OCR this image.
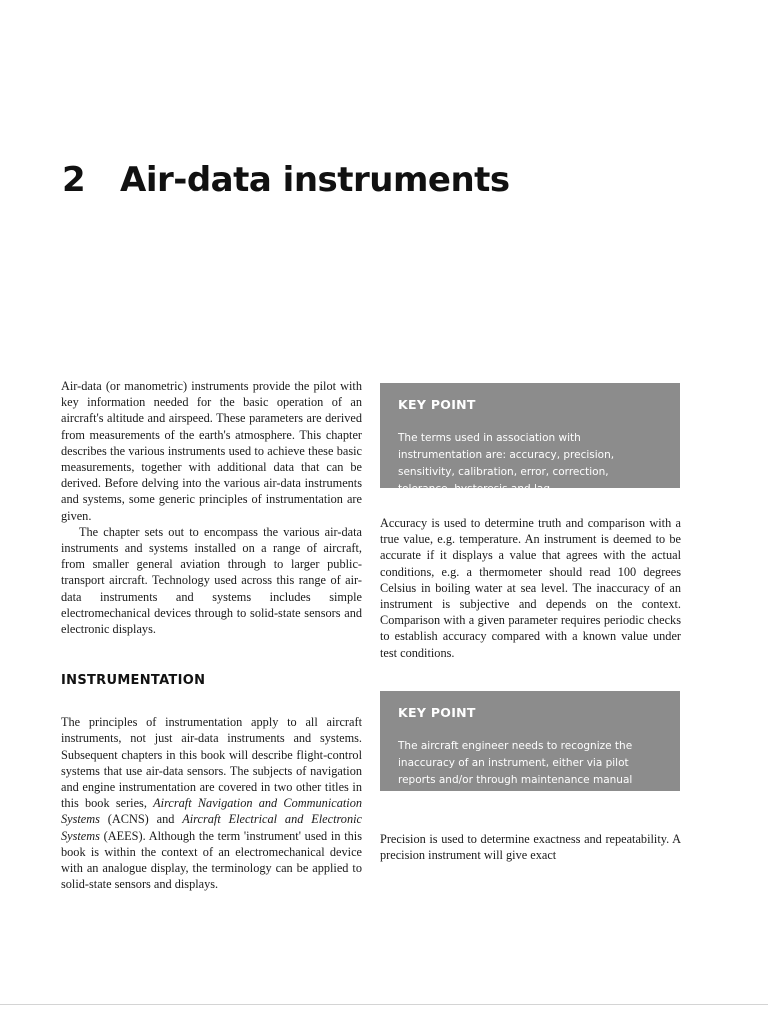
2 Air-data instruments

Air-data (or manometric) instruments provide the pilot with key information needed for the basic operation of an aircraft's altitude and airspeed. These parameters are derived from measurements of the earth's atmosphere. This chapter describes the various instruments used to achieve these basic measurements, together with additional data that can be derived. Before delving into the various air-data instruments and systems, some generic principles of instrumentation are given.

The chapter sets out to encompass the various air-data instruments and systems installed on a range of aircraft, from smaller general aviation through to larger public-transport aircraft. Technology used across this range of air-data instruments and systems includes simple electromechanical devices through to solid-state sensors and electronic displays.

INSTRUMENTATION

The principles of instrumentation apply to all aircraft instruments, not just air-data instruments and systems. Subsequent chapters in this book will describe flight-control systems that use air-data sensors. The subjects of navigation and engine instrumentation are covered in two other titles in this book series, Aircraft Navigation and Communication Systems (ACNS) and Aircraft Electrical and Electronic Systems (AEES). Although the term 'instrument' used in this book is within the context of an electromechanical device with an analogue display, the terminology can be applied to solid-state sensors and displays.

KEY POINT

The terms used in association with instrumentation are: accuracy, precision, sensitivity, calibration, error, correction, tolerance, hysteresis and lag.

Accuracy is used to determine truth and comparison with a true value, e.g. temperature. An instrument is deemed to be accurate if it displays a value that agrees with the actual conditions, e.g. a thermometer should read 100 degrees Celsius in boiling water at sea level. The inaccuracy of an instrument is subjective and depends on the context. Comparison with a given parameter requires periodic checks to establish accuracy compared with a known value under test conditions.

KEY POINT

The aircraft engineer needs to recognize the inaccuracy of an instrument, either via pilot reports and/or through maintenance manual limits.

Precision is used to determine exactness and repeatability. A precision instrument will give exact
